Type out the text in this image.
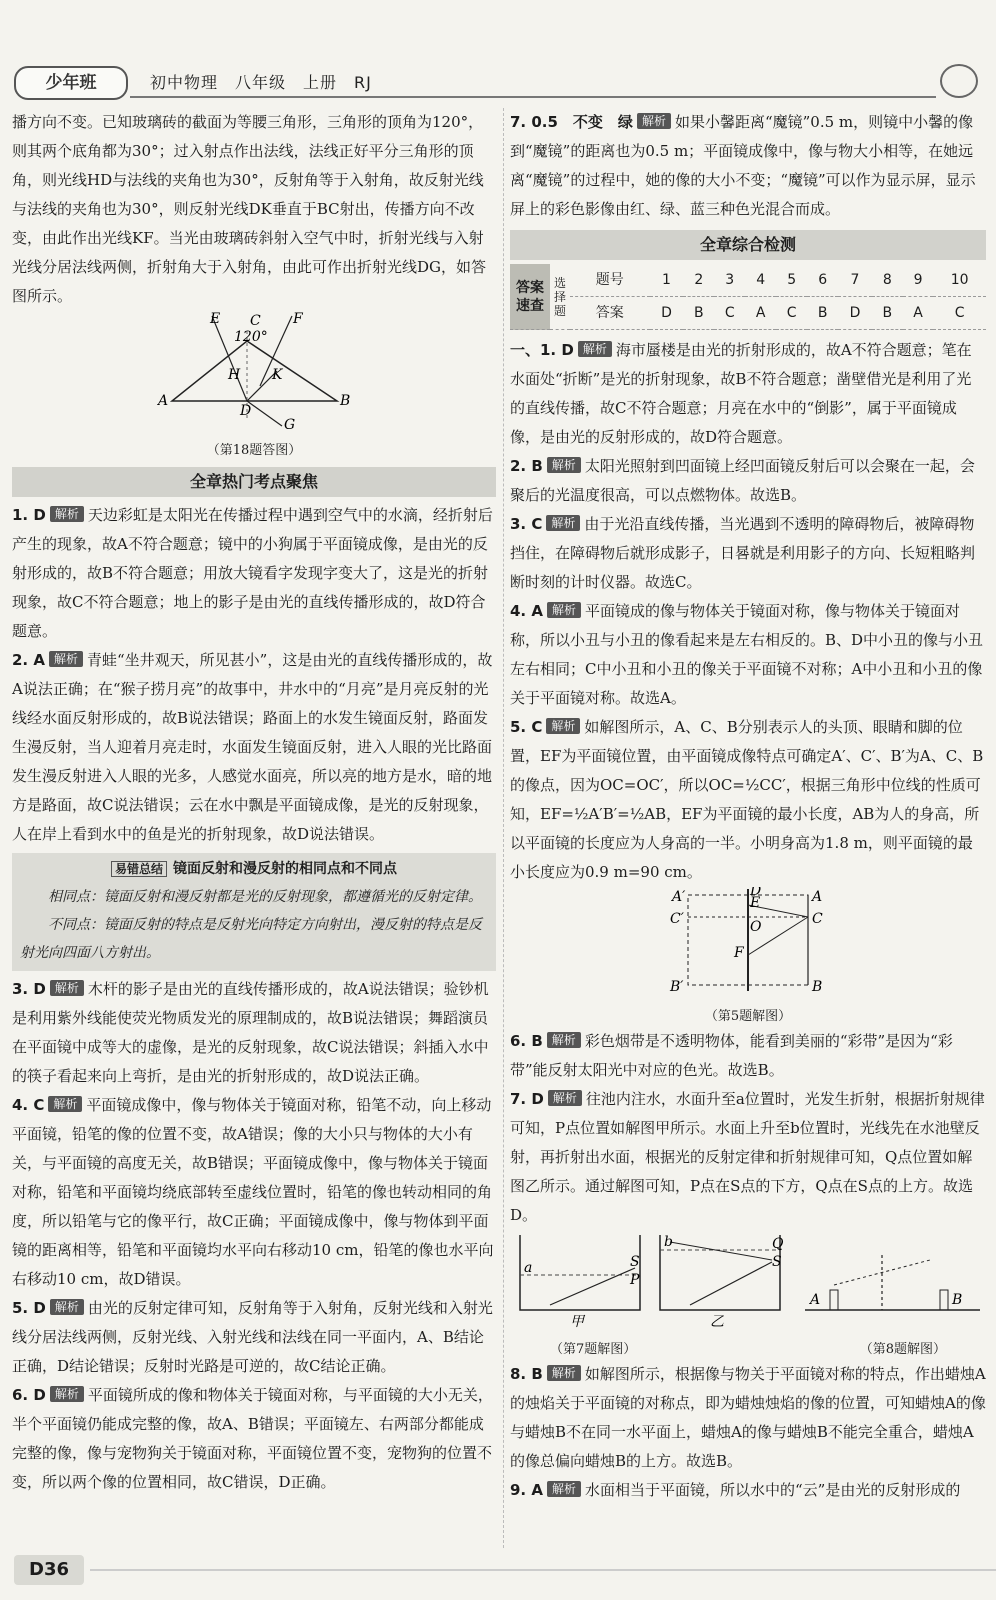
少年班	初中物理　八年级　上册　RJ

播方向不变。已知玻璃砖的截面为等腰三角形，三角形的顶角为120°，则其两个底角都为30°；过入射点作出法线，法线正好平分三角形的顶角，则光线HD与法线的夹角也为30°，反射角等于入射角，故反射光线与法线的夹角也为30°，则反射光线DK垂直于BC射出，传播方向不改变，由此作出光线KF。当光由玻璃砖斜射入空气中时，折射光线与入射光线分居法线两侧，折射角大于入射角，由此可作出折射光线DG，如答图所示。

E C F
120°
H K
A
D
B
G
（第18题答图）
全章热门考点聚焦

1. D 解析 天边彩虹是太阳光在传播过程中遇到空气中的水滴，经折射后产生的现象，故A不符合题意；镜中的小狗属于平面镜成像，是由光的反射形成的，故B不符合题意；用放大镜看字发现字变大了，这是光的折射现象，故C不符合题意；地上的影子是由光的直线传播形成的，故D符合题意。

2. A 解析 青蛙“坐井观天，所见甚小”，这是由光的直线传播形成的，故A说法正确；在“猴子捞月亮”的故事中，井水中的“月亮”是月亮反射的光线经水面反射形成的，故B说法错误；路面上的水发生镜面反射，路面发生漫反射，当人迎着月亮走时，水面发生镜面反射，进入人眼的光比路面发生漫反射进入人眼的光多，人感觉水面亮，所以亮的地方是水，暗的地方是路面，故C说法错误；云在水中飘是平面镜成像，是光的反射现象，人在岸上看到水中的鱼是光的折射现象，故D说法错误。

易错总结 镜面反射和漫反射的相同点和不同点

相同点：镜面反射和漫反射都是光的反射现象，都遵循光的反射定律。

不同点：镜面反射的特点是反射光向特定方向射出，漫反射的特点是反射光向四面八方射出。

3. D 解析 木杆的影子是由光的直线传播形成的，故A说法错误；验钞机是利用紫外线能使荧光物质发光的原理制成的，故B说法错误；舞蹈演员在平面镜中成等大的虚像，是光的反射现象，故C说法错误；斜插入水中的筷子看起来向上弯折，是由光的折射形成的，故D说法正确。

4. C 解析 平面镜成像中，像与物体关于镜面对称，铅笔不动，向上移动平面镜，铅笔的像的位置不变，故A错误；像的大小只与物体的大小有关，与平面镜的高度无关，故B错误；平面镜成像中，像与物体关于镜面对称，铅笔和平面镜均绕底部转至虚线位置时，铅笔的像也转动相同的角度，所以铅笔与它的像平行，故C正确；平面镜成像中，像与物体到平面镜的距离相等，铅笔和平面镜均水平向右移动10 cm，铅笔的像也水平向右移动10 cm，故D错误。

5. D 解析 由光的反射定律可知，反射角等于入射角，反射光线和入射光线分居法线两侧，反射光线、入射光线和法线在同一平面内，A、B结论正确，D结论错误；反射时光路是可逆的，故C结论正确。

6. D 解析 平面镜所成的像和物体关于镜面对称，与平面镜的大小无关，半个平面镜仍能成完整的像，故A、B错误；平面镜左、右两部分都能成完整的像，像与宠物狗关于镜面对称，平面镜位置不变，宠物狗的位置不变，所以两个像的位置相同，故C错误，D正确。

7. 0.5　不变　绿 解析 如果小馨距离“魔镜”0.5 m，则镜中小馨的像到“魔镜”的距离也为0.5 m；平面镜成像中，像与物大小相等，在她远离“魔镜”的过程中，她的像的大小不变；“魔镜”可以作为显示屏，显示屏上的彩色影像由红、绿、蓝三种色光混合而成。

全章综合检测
答案速查	选择题	题号	1	2	3	4	5	6	7	8	9	10
		答案	D	B	C	A	C	B	D	B	A	C

一、1. D 解析 海市蜃楼是由光的折射形成的，故A不符合题意；笔在水面处“折断”是光的折射现象，故B不符合题意；凿壁借光是利用了光的直线传播，故C不符合题意；月亮在水中的“倒影”，属于平面镜成像，是由光的反射形成的，故D符合题意。

2. B 解析 太阳光照射到凹面镜上经凹面镜反射后可以会聚在一起，会聚后的光温度很高，可以点燃物体。故选B。

3. C 解析 由于光沿直线传播，当光遇到不透明的障碍物后，被障碍物挡住，在障碍物后就形成影子，日晷就是利用影子的方向、长短粗略判断时刻的计时仪器。故选C。

4. A 解析 平面镜成的像与物体关于镜面对称，像与物体关于镜面对称，所以小丑与小丑的像看起来是左右相反的。B、D中小丑的像与小丑左右相同；C中小丑和小丑的像关于平面镜不对称；A中小丑和小丑的像关于平面镜对称。故选A。

5. C 解析 如解图所示，A、C、B分别表示人的头顶、眼睛和脚的位置，EF为平面镜位置，由平面镜成像特点可确定A′、C′、B′为A、C、B的像点，因为OC=OC′，所以OC=½CC′，根据三角形中位线的性质可知，EF=½A′B′=½AB，EF为平面镜的最小长度，AB为人的身高，所以平面镜的长度应为人身高的一半。小明身高为1.8 m，则平面镜的最小长度应为0.9 m=90 cm。

A′	D
E	A
C′	O	C
F
B′	B
（第5题解图）

6. B 解析 彩色烟带是不透明物体，能看到美丽的“彩带”是因为“彩带”能反射太阳光中对应的色光。故选B。

7. D 解析 往池内注水，水面升至a位置时，光发生折射，根据折射规律可知，P点位置如解图甲所示。水面上升至b位置时，光线先在水池壁反射，再折射出水面，根据光的反射定律和折射规律可知，Q点位置如解图乙所示。通过解图可知，P点在S点的下方，Q点在S点的上方。故选D。

a	S
P
甲
b	Q
S
乙
A	B
（第7题解图）	（第8题解图）

8. B 解析 如解图所示，根据像与物关于平面镜对称的特点，作出蜡烛A的烛焰关于平面镜的对称点，即为蜡烛烛焰的像的位置，可知蜡烛A的像与蜡烛B不在同一水平面上，蜡烛A的像与蜡烛B不能完全重合，蜡烛A的像总偏向蜡烛B的上方。故选B。

9. A 解析 水面相当于平面镜，所以水中的“云”是由光的反射形成的

D36
